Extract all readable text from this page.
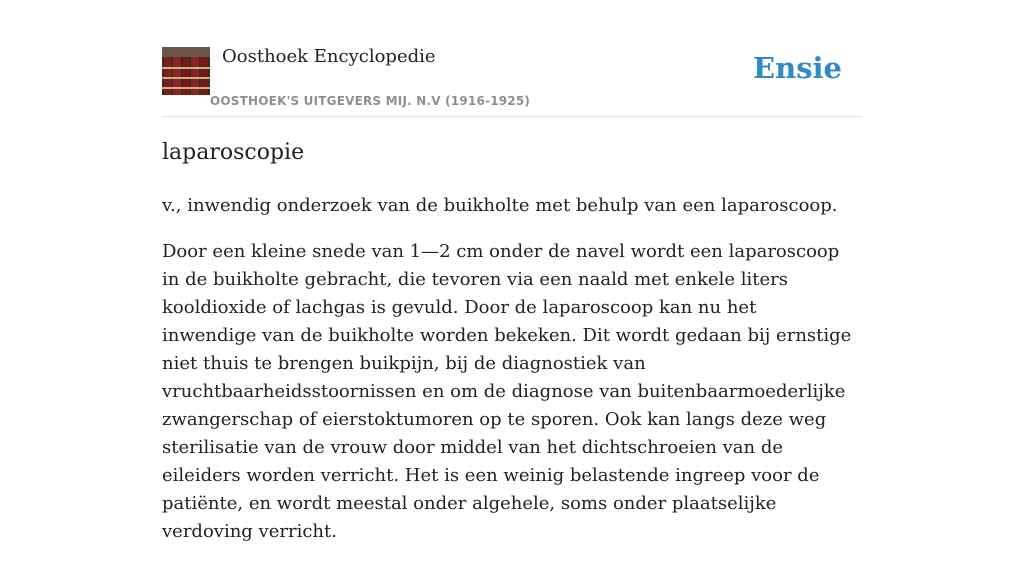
Oosthoek Encyclopedie
OOSTHOEK'S UITGEVERS MIJ. N.V (1916-1925)
Ensie
laparoscopie

v., inwendig onderzoek van de buikholte met behulp van een laparoscoop.

Door een kleine snede van 1—2 cm onder de navel wordt een laparoscoop in de buikholte gebracht, die tevoren via een naald met enkele liters kooldioxide of lachgas is gevuld. Door de laparoscoop kan nu het inwendige van de buikholte worden bekeken. Dit wordt gedaan bij ernstige niet thuis te brengen buikpijn, bij de diagnostiek van vruchtbaarheidsstoornissen en om de diagnose van buitenbaarmoederlijke zwangerschap of eierstoktumoren op te sporen. Ook kan langs deze weg sterilisatie van de vrouw door middel van het dichtschroeien van de eileiders worden verricht. Het is een weinig belastende ingreep voor de patiënte, en wordt meestal onder algehele, soms onder plaatselijke verdoving verricht.
